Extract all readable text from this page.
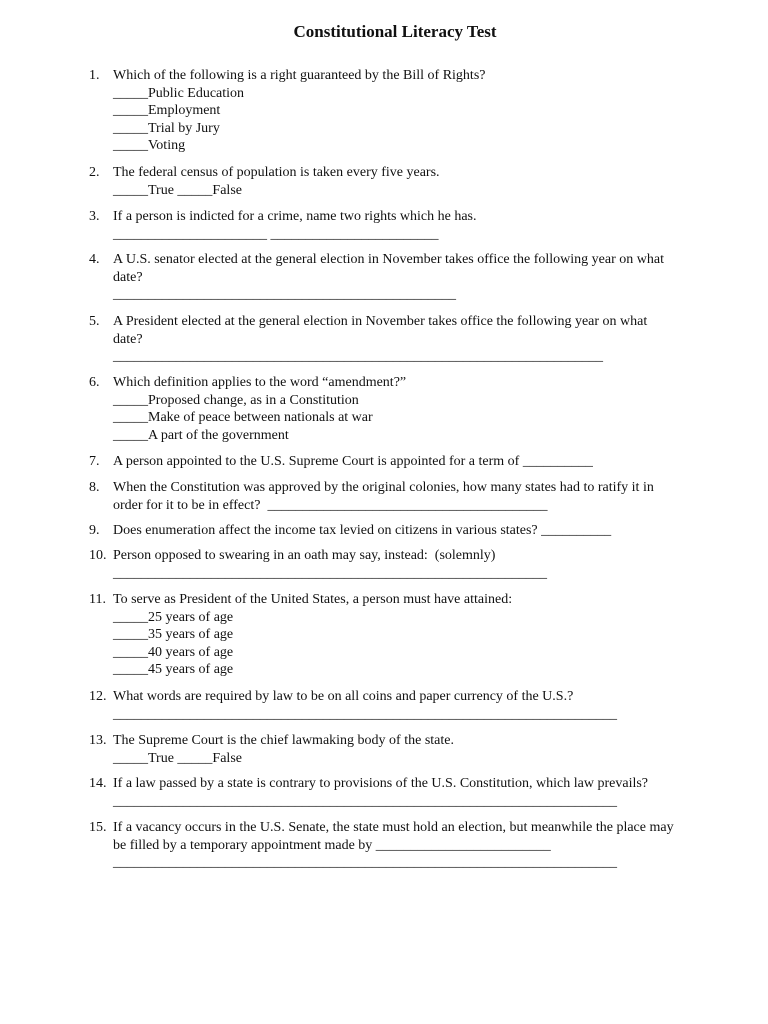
Constitutional Literacy Test
1. Which of the following is a right guaranteed by the Bill of Rights?
_____Public Education
_____Employment
_____Trial by Jury
_____Voting
2. The federal census of population is taken every five years.
_____True _____False
3. If a person is indicted for a crime, name two rights which he has.
______________________ ________________________
4. A U.S. senator elected at the general election in November takes office the following year on what
date?
_________________________________________________
5. A President elected at the general election in November takes office the following year on what
date?
______________________________________________________________________
6. Which definition applies to the word “amendment?”
_____Proposed change, as in a Constitution
_____Make of peace between nationals at war
_____A part of the government
7. A person appointed to the U.S. Supreme Court is appointed for a term of __________
8. When the Constitution was approved by the original colonies, how many states had to ratify it in
order for it to be in effect?  ________________________________________
9. Does enumeration affect the income tax levied on citizens in various states? __________
10. Person opposed to swearing in an oath may say, instead:  (solemnly)
______________________________________________________________
11. To serve as President of the United States, a person must have attained:
_____25 years of age
_____35 years of age
_____40 years of age
_____45 years of age
12. What words are required by law to be on all coins and paper currency of the U.S.?
________________________________________________________________________
13. The Supreme Court is the chief lawmaking body of the state.
_____True _____False
14. If a law passed by a state is contrary to provisions of the U.S. Constitution, which law prevails?
________________________________________________________________________
15. If a vacancy occurs in the U.S. Senate, the state must hold an election, but meanwhile the place may
be filled by a temporary appointment made by _________________________
________________________________________________________________________
